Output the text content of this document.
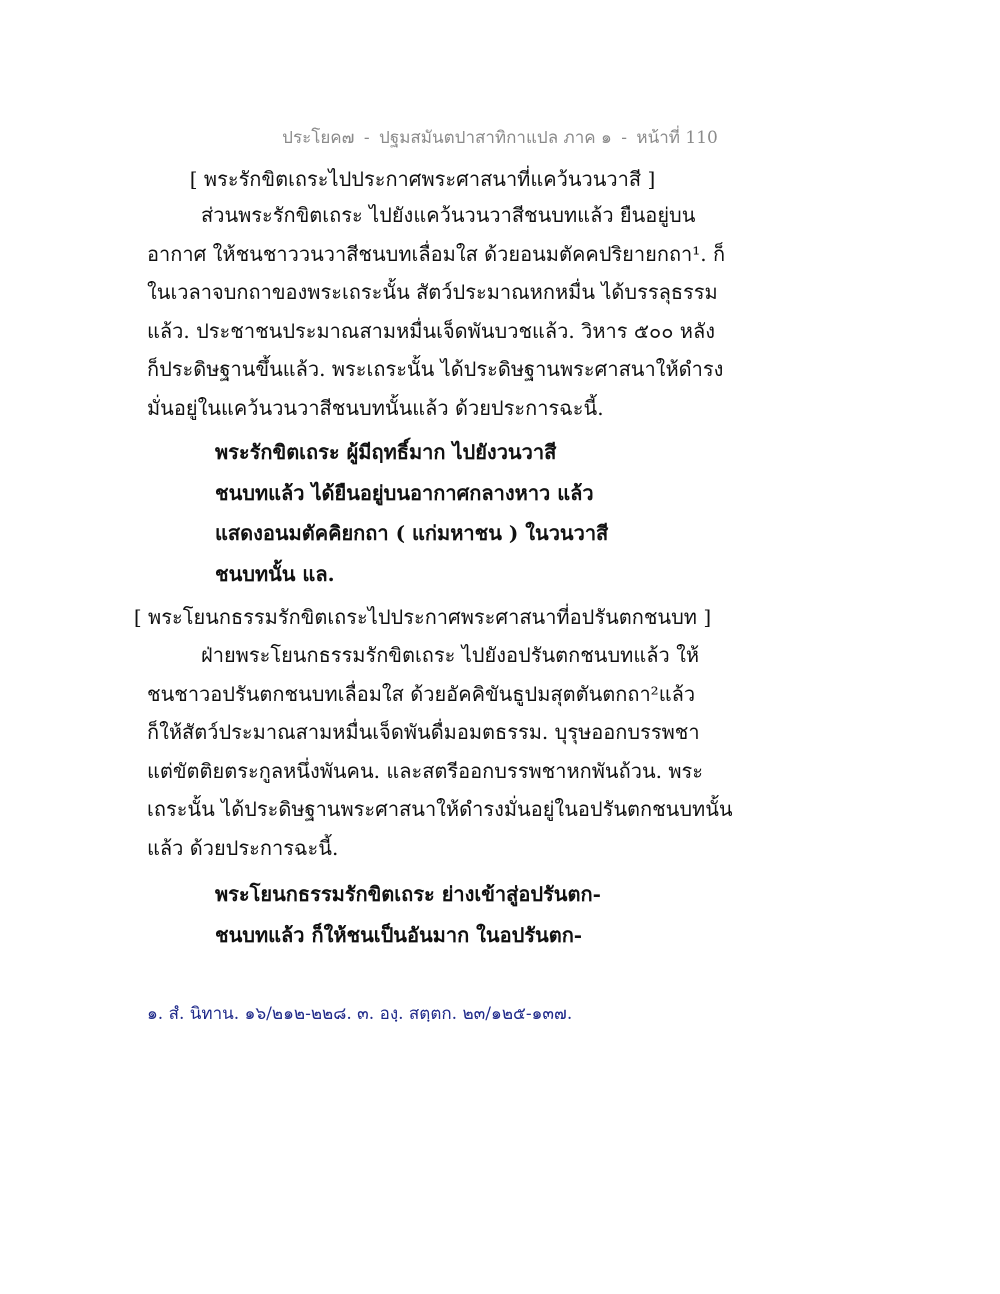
ประโยค๗ - ปฐมสมันตปาสาทิกาแปล ภาค ๑ - หน้าที่ 110
[ พระรักขิตเถระไปประกาศพระศาสนาที่แคว้นวนวาสี ]
ส่วนพระรักขิตเถระ ไปยังแคว้นวนวาสีชนบทแล้ว ยืนอยู่บน
อากาศ ให้ชนชาววนวาสีชนบทเลื่อมใส ด้วยอนมตัคคปริยายกถา¹. ก็
ในเวลาจบกถาของพระเถระนั้น สัตว์ประมาณหกหมื่น ได้บรรลุธรรม
แล้ว. ประชาชนประมาณสามหมื่นเจ็ดพันบวชแล้ว. วิหาร ๕๐๐ หลัง
ก็ประดิษฐานขึ้นแล้ว. พระเถระนั้น ได้ประดิษฐานพระศาสนาให้ดำรง
มั่นอยู่ในแคว้นวนวาสีชนบทนั้นแล้ว ด้วยประการฉะนี้.
พระรักขิตเถระ ผู้มีฤทธิ์มาก ไปยังวนวาสี
ชนบทแล้ว ได้ยืนอยู่บนอากาศกลางหาว แล้ว
แสดงอนมตัคคิยกถา ( แก่มหาชน ) ในวนวาสี
ชนบทนั้น แล.
[ พระโยนกธรรมรักขิตเถระไปประกาศพระศาสนาที่อปรันตกชนบท ]
ฝ่ายพระโยนกธรรมรักขิตเถระ ไปยังอปรันตกชนบทแล้ว ให้
ชนชาวอปรันตกชนบทเลื่อมใส ด้วยอัคคิขันธูปมสุตตันตกถา²แล้ว
ก็ให้สัตว์ประมาณสามหมื่นเจ็ดพันดื่มอมตธรรม. บุรุษออกบรรพชา
แต่ขัตติยตระกูลหนึ่งพันคน. และสตรีออกบรรพชาหกพันถ้วน. พระ
เถระนั้น ได้ประดิษฐานพระศาสนาให้ดำรงมั่นอยู่ในอปรันตกชนบทนั้น
แล้ว ด้วยประการฉะนี้.
พระโยนกธรรมรักขิตเถระ ย่างเข้าสู่อปรันตก-
ชนบทแล้ว ก็ให้ชนเป็นอันมาก ในอปรันตก-
๑. สํ. นิทาน. ๑๖/๒๑๒-๒๒๘. ๓. องฺ. สตฺตก. ๒๓/๑๒๕-๑๓๗.
